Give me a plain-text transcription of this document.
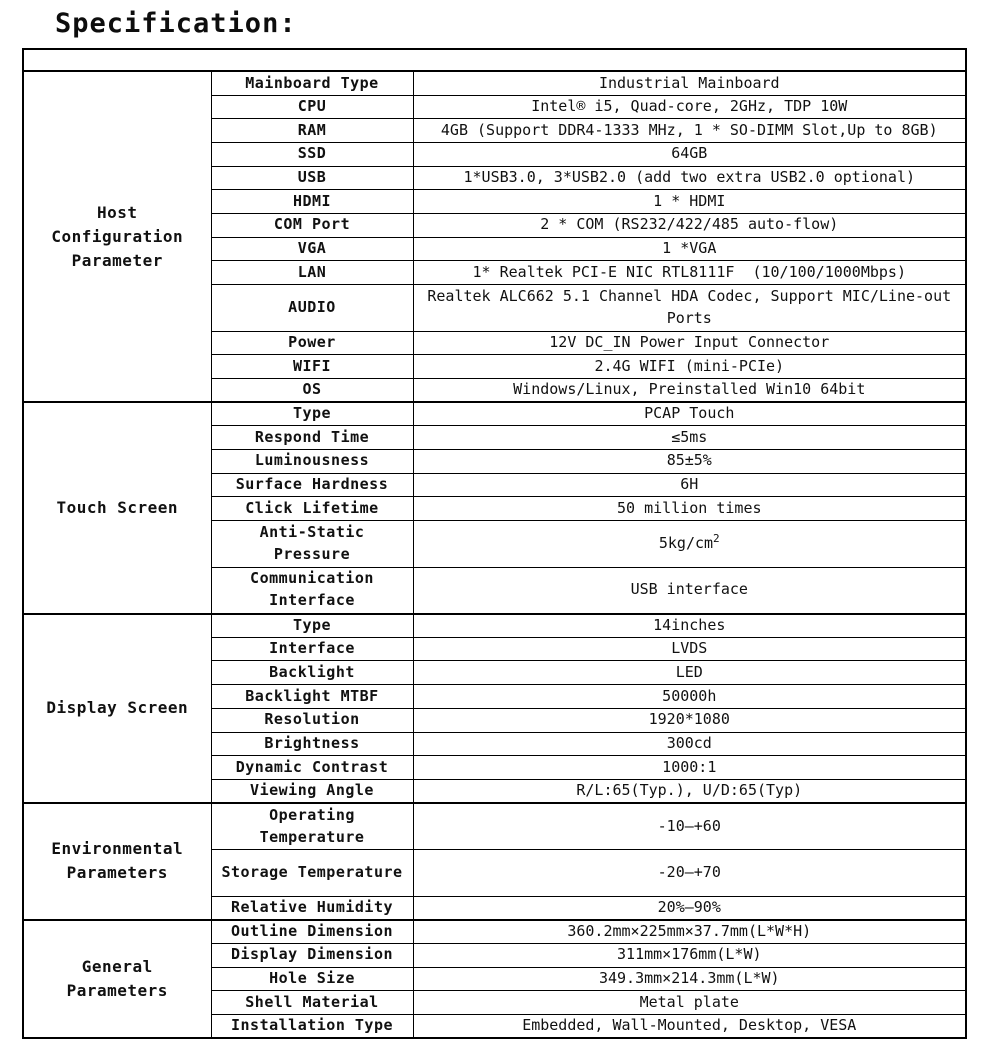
Specification:

Host Configuration Parameter	Mainboard Type	Industrial Mainboard
	CPU	Intel® i5, Quad-core, 2GHz, TDP 10W
	RAM	4GB (Support DDR4-1333 MHz, 1 * SO-DIMM Slot,Up to 8GB)
	SSD	64GB
	USB	1*USB3.0, 3*USB2.0 (add two extra USB2.0 optional)
	HDMI	1 * HDMI
	COM Port	2 * COM (RS232/422/485 auto-flow)
	VGA	1 *VGA
	LAN	1* Realtek PCI-E NIC RTL8111F  (10/100/1000Mbps)
	AUDIO	Realtek ALC662 5.1 Channel HDA Codec, Support MIC/Line-out Ports
	Power	12V DC_IN Power Input Connector
	WIFI	2.4G WIFI (mini-PCIe)
	OS	Windows/Linux, Preinstalled Win10 64bit
Touch Screen	Type	PCAP Touch
	Respond Time	≤5ms
	Luminousness	85±5%
	Surface Hardness	6H
	Click Lifetime	50 million times
	Anti-Static Pressure	$5kg/cm^2$
	Communication Interface	USB interface
Display Screen	Type	14inches
	Interface	LVDS
	Backlight	LED
	Backlight MTBF	50000h
	Resolution	1920*1080
	Brightness	300cd
	Dynamic Contrast	1000:1
	Viewing Angle	R/L:65(Typ.), U/D:65(Typ)
Environmental Parameters	Operating Temperature	-10—+60
	Storage Temperature	-20—+70
	Relative Humidity	20%—90%
General Parameters	Outline Dimension	360.2mm×225mm×37.7mm(L*W*H)
	Display Dimension	311mm×176mm(L*W)
	Hole Size	349.3mm×214.3mm(L*W)
	Shell Material	Metal plate
	Installation Type	Embedded, Wall-Mounted, Desktop, VESA
